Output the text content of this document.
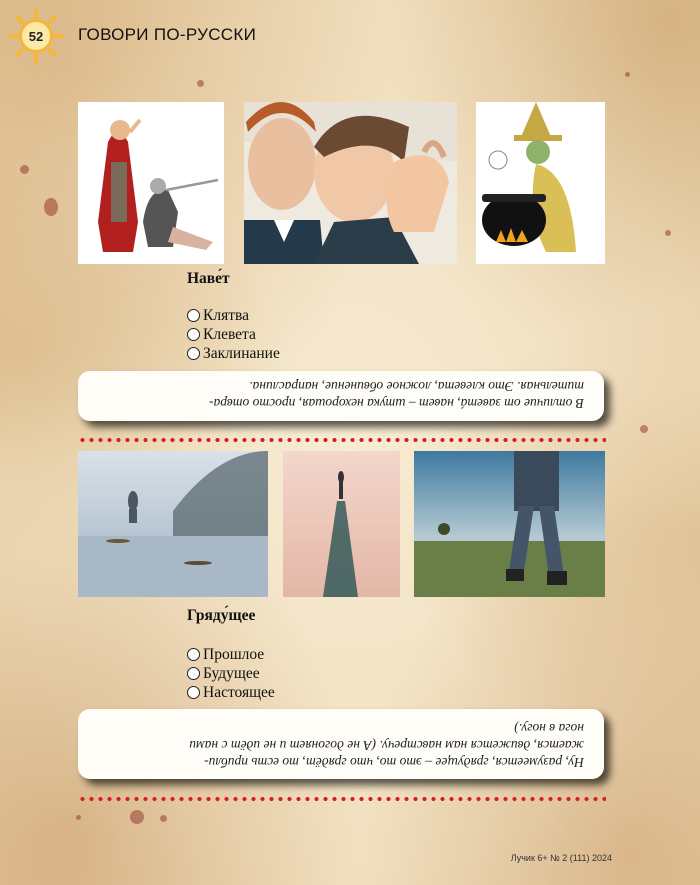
52	ГОВОРИ ПО-РУССКИ
Наве́т
Клятва
Клевета
Заклинание
В отличие от заветá, навет – штука нехорошая, просто отвра-
тительная. Это клевета, ложное обвинение, напраслина.
Гряду́щее
Прошлое
Будущее
Настоящее
Ну, разумеется, грядущее – это то, что грядёт, то есть прибли-
жается, движется нам навстречу. (А не догоняет и не идёт с нами
нога в ногу.)
Лучик 6+ № 2 (111) 2024
